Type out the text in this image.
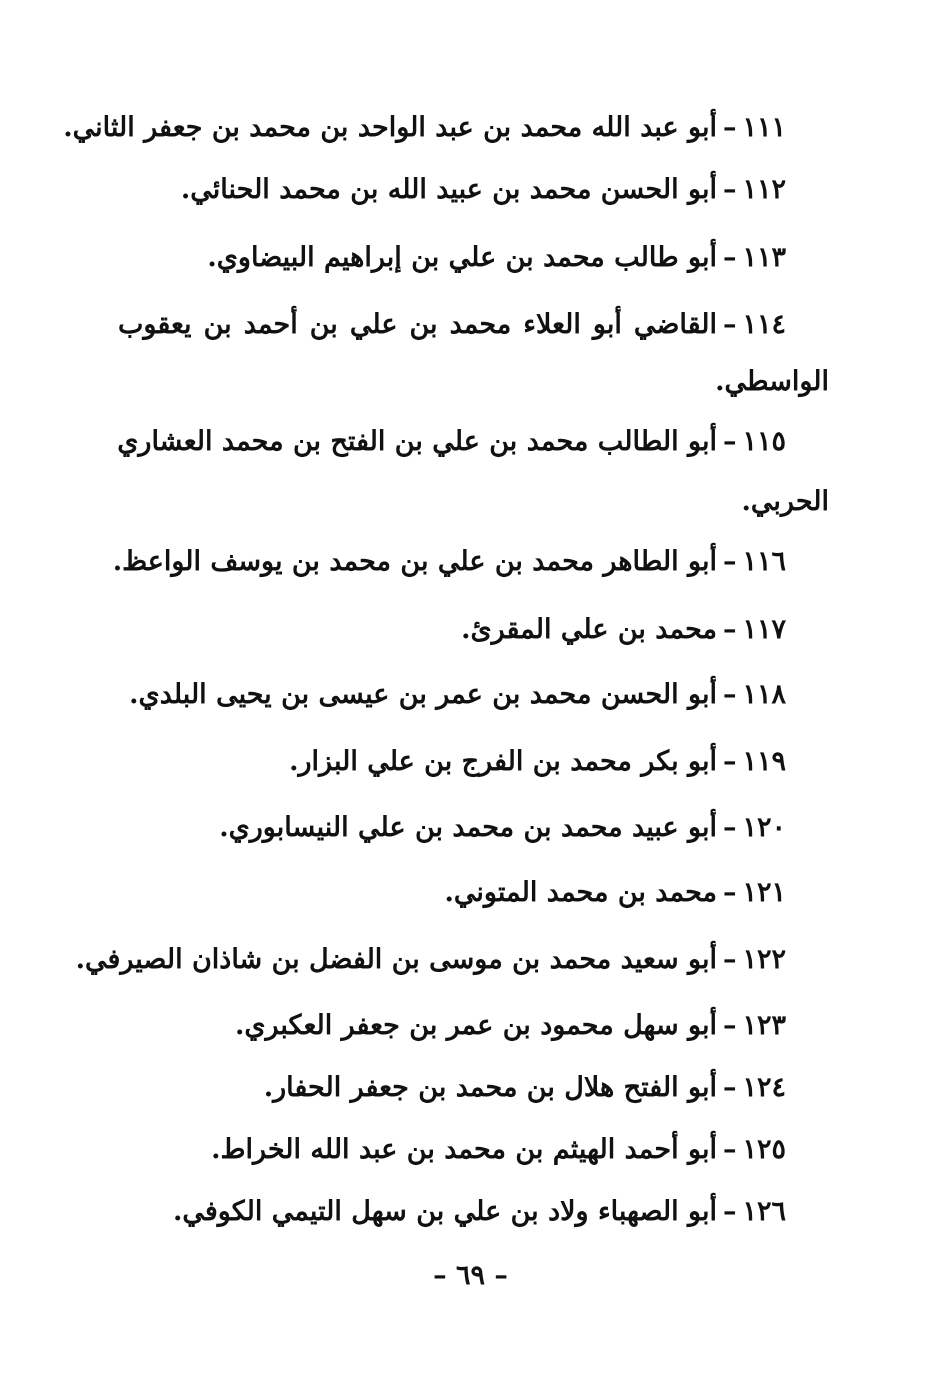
١١١–أبو عبد الله محمد بن عبد الواحد بن محمد بن جعفر الثاني.
١١٢–أبو الحسن محمد بن عبيد الله بن محمد الحنائي.
١١٣–أبو طالب محمد بن علي بن إبراهيم البيضاوي.
١١٤–القاضي أبو العلاء محمد بن علي بن أحمد بن يعقوب
الواسطي.
١١٥–أبو الطالب محمد بن علي بن الفتح بن محمد العشاري
الحربي.
١١٦–أبو الطاهر محمد بن علي بن محمد بن يوسف الواعظ.
١١٧–محمد بن علي المقرئ.
١١٨–أبو الحسن محمد بن عمر بن عيسى بن يحيى البلدي.
١١٩–أبو بكر محمد بن الفرج بن علي البزار.
١٢٠–أبو عبيد محمد بن محمد بن علي النيسابوري.
١٢١–محمد بن محمد المتوني.
١٢٢–أبو سعيد محمد بن موسى بن الفضل بن شاذان الصيرفي.
١٢٣–أبو سهل محمود بن عمر بن جعفر العكبري.
١٢٤–أبو الفتح هلال بن محمد بن جعفر الحفار.
١٢٥–أبو أحمد الهيثم بن محمد بن عبد الله الخراط.
١٢٦–أبو الصهباء ولاد بن علي بن سهل التيمي الكوفي.
– ٦٩ –
